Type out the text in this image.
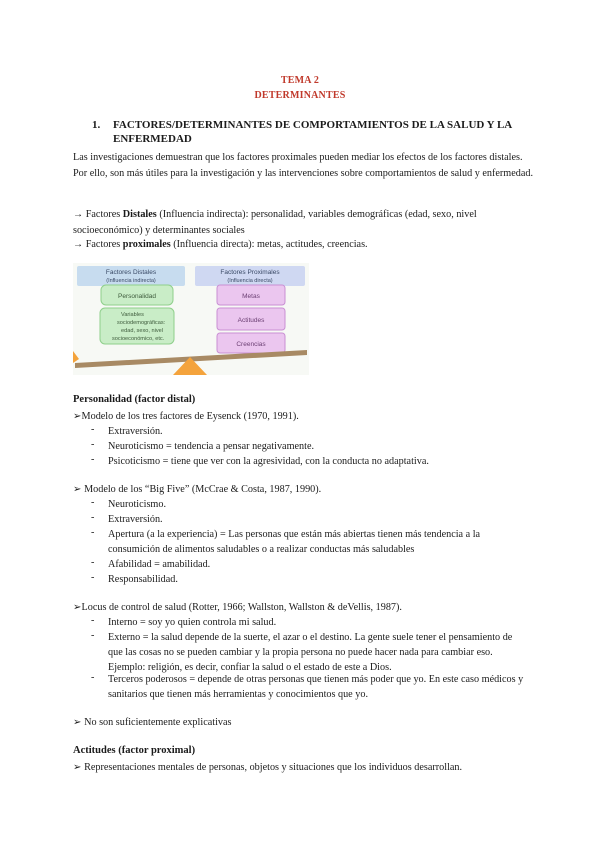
TEMA 2
DETERMINANTES
1.	FACTORES/DETERMINANTES DE COMPORTAMIENTOS DE LA SALUD Y LA ENFERMEDAD
Las investigaciones demuestran que los factores proximales pueden mediar los efectos de los factores distales. Por ello, son más útiles para la investigación y las intervenciones sobre comportamientos de salud y enfermedad.
→ Factores Distales (Influencia indirecta): personalidad, variables demográficas (edad, sexo, nivel socioeconómico) y determinantes sociales
→ Factores proximales (Influencia directa): metas, actitudes, creencias.
Factores Distales
(Influencia indirecta)
Factores Proximales
(Influencia directa)
Personalidad
Variables
sociodemográficas:
edad, sexo, nivel
socioeconómico, etc.
Metas
Actitudes
Creencias
Personalidad (factor distal)
➢Modelo de los tres factores de Eysenck (1970, 1991).
- Extraversión.
- Neuroticismo = tendencia a pensar negativamente.
- Psicoticismo = tiene que ver con la agresividad, con la conducta no adaptativa.
➢ Modelo de los “Big Five” (McCrae & Costa, 1987, 1990).
- Neuroticismo.
- Extraversión.
- Apertura (a la experiencia) = Las personas que están más abiertas tienen más tendencia a la consumición de alimentos saludables o a realizar conductas más saludables
- Afabilidad = amabilidad.
- Responsabilidad.
➢Locus de control de salud (Rotter, 1966; Wallston, Wallston & deVellis, 1987).
- Interno = soy yo quien controla mi salud.
- Externo = la salud depende de la suerte, el azar o el destino. La gente suele tener el pensamiento de que las cosas no se pueden cambiar y la propia persona no puede hacer nada para cambiar eso. Ejemplo: religión, es decir, confiar la salud o el estado de este a Dios.
- Terceros poderosos = depende de otras personas que tienen más poder que yo. En este caso médicos y sanitarios que tienen más herramientas y conocimientos que yo.
➢ No son suficientemente explicativas
Actitudes (factor proximal)
➢ Representaciones mentales de personas, objetos y situaciones que los individuos desarrollan.
